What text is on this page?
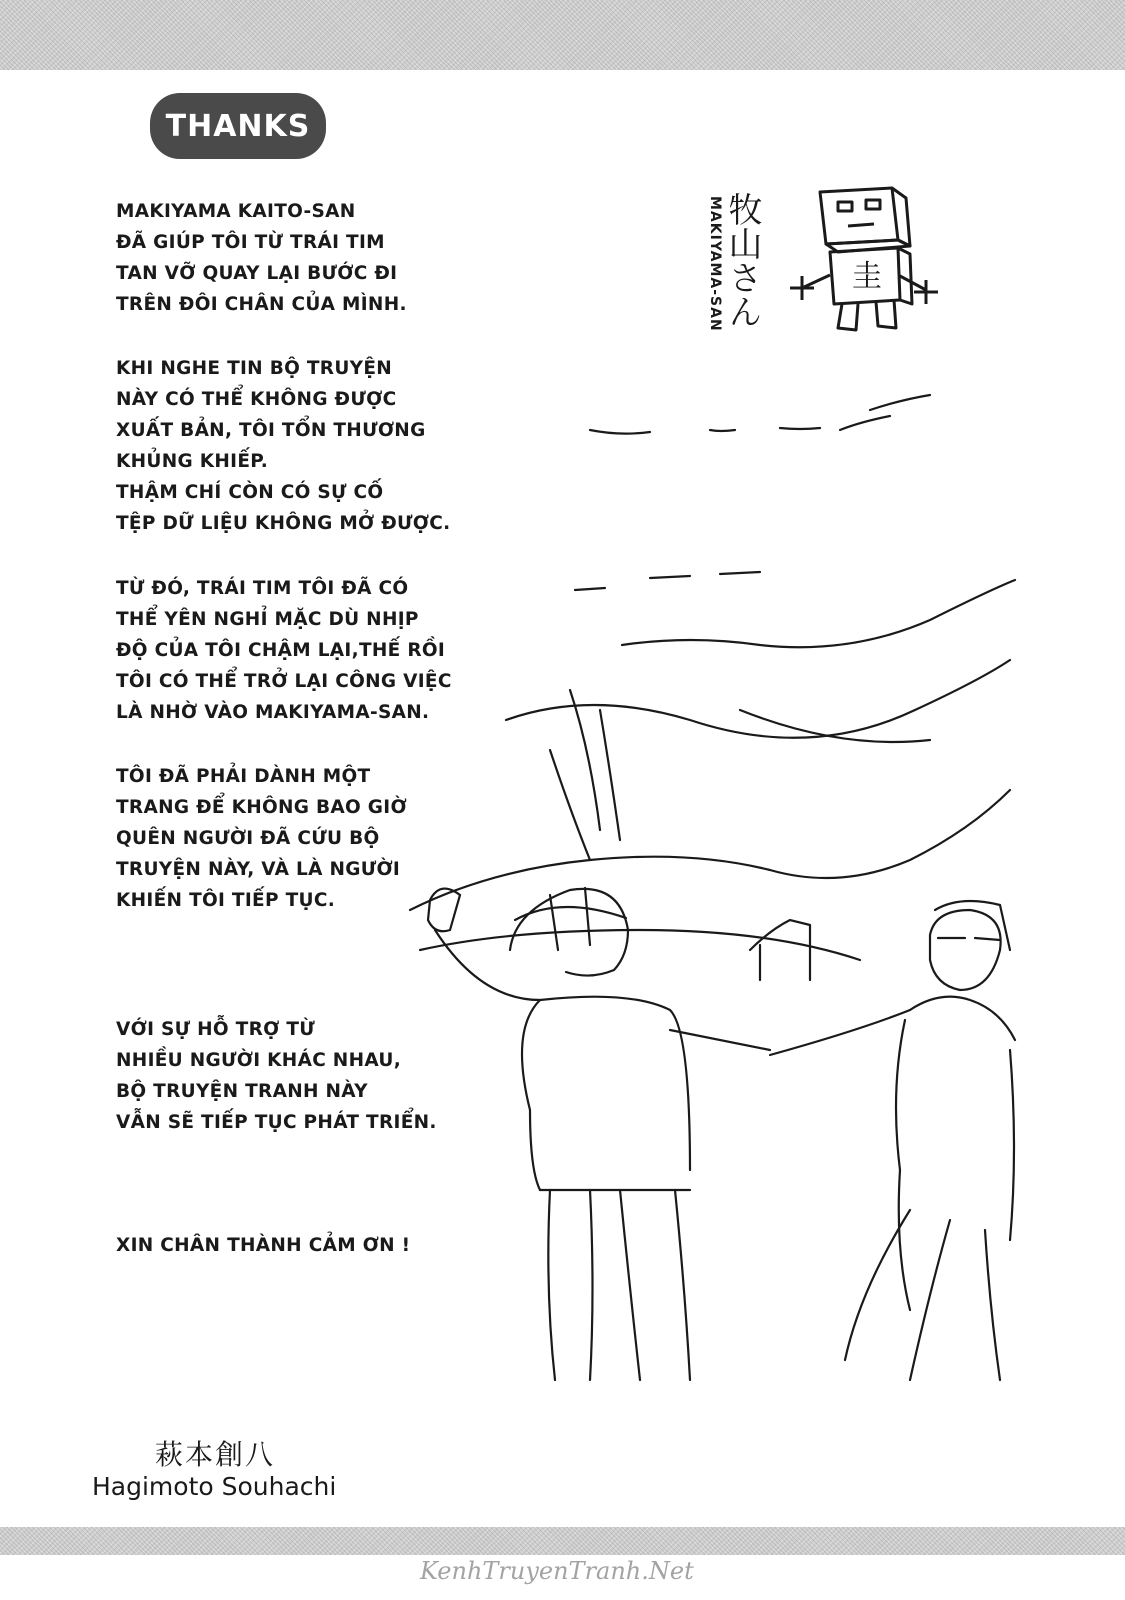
THANKS
MAKIYAMA KAITO-SAN
ĐÃ GIÚP TÔI TỪ TRÁI TIM
TAN VỠ QUAY LẠI BƯỚC ĐI
TRÊN ĐÔI CHÂN CỦA MÌNH.
KHI NGHE TIN BỘ TRUYỆN
NÀY CÓ THỂ KHÔNG ĐƯỢC
XUẤT BẢN, TÔI TỔN THƯƠNG
KHỦNG KHIẾP.
THẬM CHÍ CÒN CÓ SỰ CỐ
TỆP DỮ LIỆU KHÔNG MỞ ĐƯỢC.
TỪ ĐÓ, TRÁI TIM TÔI ĐÃ CÓ
THỂ YÊN NGHỈ MẶC DÙ NHỊP
ĐỘ CỦA TÔI CHẬM LẠI,THẾ RỒI
TÔI CÓ THỂ TRỞ LẠI CÔNG VIỆC
LÀ NHỜ VÀO MAKIYAMA-SAN.
TÔI ĐÃ PHẢI DÀNH MỘT
TRANG ĐỂ KHÔNG BAO GIỜ
QUÊN NGƯỜI ĐÃ CỨU BỘ
TRUYỆN NÀY, VÀ LÀ NGƯỜI
KHIẾN TÔI TIẾP TỤC.
VỚI SỰ HỖ TRỢ TỪ
NHIỀU NGƯỜI KHÁC NHAU,
BỘ TRUYỆN TRANH NÀY
VẪN SẼ TIẾP TỤC PHÁT TRIỂN.
XIN CHÂN THÀNH CẢM ƠN !
MAKIYAMA-SAN 牧山さん	圭
萩本創八
Hagimoto Souhachi
KenhTruyenTranh.Net
